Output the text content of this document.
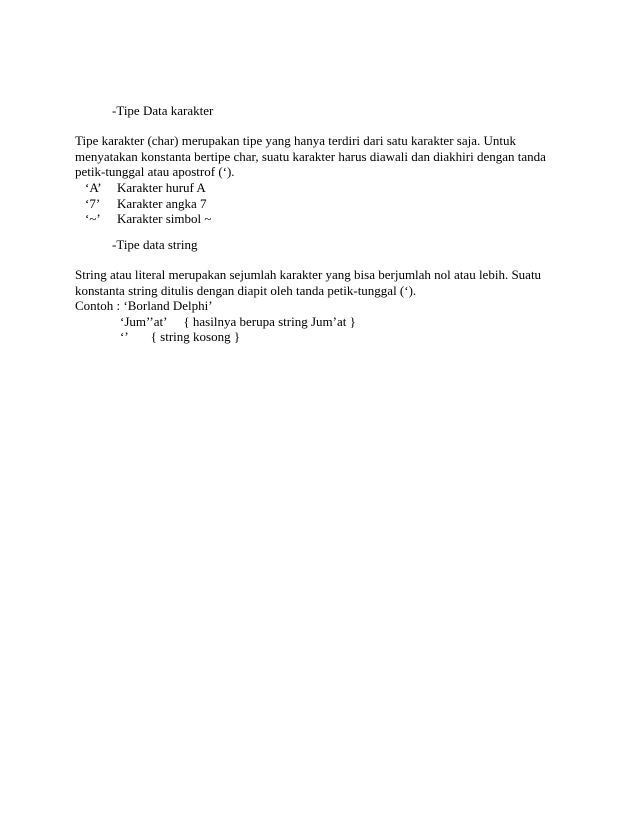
-Tipe Data karakter
Tipe karakter (char) merupakan tipe yang hanya terdiri dari satu karakter saja. Untuk menyatakan konstanta bertipe char, suatu karakter harus diawali dan diakhiri dengan tanda petik-tunggal atau apostrof (‘).
‘A’ Karakter huruf A
‘7’ Karakter angka 7
‘~’ Karakter simbol ~
-Tipe data string
String atau literal merupakan sejumlah karakter yang bisa berjumlah nol atau lebih. Suatu konstanta string ditulis dengan diapit oleh tanda petik-tunggal (‘).
Contoh : ‘Borland Delphi’
‘Jum’’at’ { hasilnya berupa string Jum’at }
‘’ { string kosong }
